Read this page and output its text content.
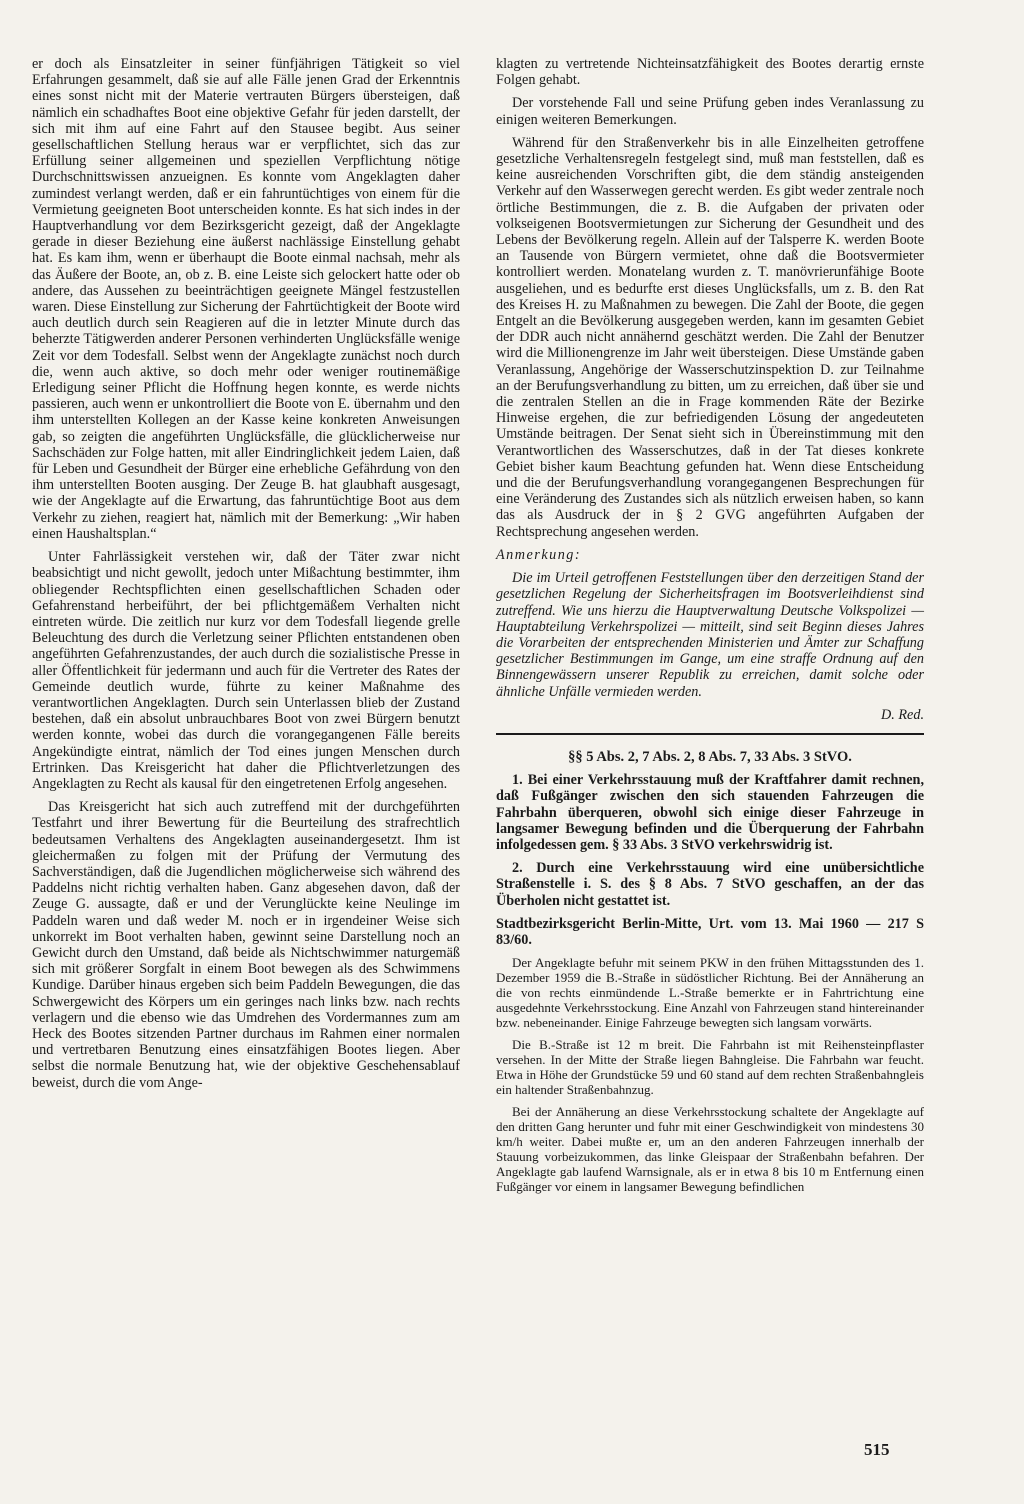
er doch als Einsatzleiter in seiner fünfjährigen Tätigkeit so viel Erfahrungen gesammelt, daß sie auf alle Fälle jenen Grad der Erkenntnis eines sonst nicht mit der Materie vertrauten Bürgers übersteigen, daß nämlich ein schadhaftes Boot eine objektive Gefahr für jeden darstellt, der sich mit ihm auf eine Fahrt auf den Stausee begibt. Aus seiner gesellschaftlichen Stellung heraus war er verpflichtet, sich das zur Erfüllung seiner allgemeinen und speziellen Verpflichtung nötige Durchschnittswissen anzueignen. Es konnte vom Angeklagten daher zumindest verlangt werden, daß er ein fahruntüchtiges von einem für die Vermietung geeigneten Boot unterscheiden konnte. Es hat sich indes in der Hauptverhandlung vor dem Bezirksgericht gezeigt, daß der Angeklagte gerade in dieser Beziehung eine äußerst nachlässige Einstellung gehabt hat. Es kam ihm, wenn er überhaupt die Boote einmal nachsah, mehr als das Äußere der Boote, an, ob z. B. eine Leiste sich gelockert hatte oder ob andere, das Aussehen zu beeinträchtigen geeignete Mängel festzustellen waren. Diese Einstellung zur Sicherung der Fahrtüchtigkeit der Boote wird auch deutlich durch sein Reagieren auf die in letzter Minute durch das beherzte Tätigwerden anderer Personen verhinderten Unglücksfälle wenige Zeit vor dem Todesfall. Selbst wenn der Angeklagte zunächst noch durch die, wenn auch aktive, so doch mehr oder weniger routinemäßige Erledigung seiner Pflicht die Hoffnung hegen konnte, es werde nichts passieren, auch wenn er unkontrolliert die Boote von E. übernahm und den ihm unterstellten Kollegen an der Kasse keine konkreten Anweisungen gab, so zeigten die angeführten Unglücksfälle, die glücklicherweise nur Sachschäden zur Folge hatten, mit aller Eindringlichkeit jedem Laien, daß für Leben und Gesundheit der Bürger eine erhebliche Gefährdung von den ihm unterstellten Booten ausging. Der Zeuge B. hat glaubhaft ausgesagt, wie der Angeklagte auf die Erwartung, das fahruntüchtige Boot aus dem Verkehr zu ziehen, reagiert hat, nämlich mit der Bemerkung: „Wir haben einen Haushaltsplan.“

Unter Fahrlässigkeit verstehen wir, daß der Täter zwar nicht beabsichtigt und nicht gewollt, jedoch unter Mißachtung bestimmter, ihm obliegender Rechtspflichten einen gesellschaftlichen Schaden oder Gefahrenstand herbeiführt, der bei pflichtgemäßem Verhalten nicht eintreten würde. Die zeitlich nur kurz vor dem Todesfall liegende grelle Beleuchtung des durch die Verletzung seiner Pflichten entstandenen oben angeführten Gefahrenzustandes, der auch durch die sozialistische Presse in aller Öffentlichkeit für jedermann und auch für die Vertreter des Rates der Gemeinde deutlich wurde, führte zu keiner Maßnahme des verantwortlichen Angeklagten. Durch sein Unterlassen blieb der Zustand bestehen, daß ein absolut unbrauchbares Boot von zwei Bürgern benutzt werden konnte, wobei das durch die vorangegangenen Fälle bereits Angekündigte eintrat, nämlich der Tod eines jungen Menschen durch Ertrinken. Das Kreisgericht hat daher die Pflichtverletzungen des Angeklagten zu Recht als kausal für den eingetretenen Erfolg angesehen.

Das Kreisgericht hat sich auch zutreffend mit der durchgeführten Testfahrt und ihrer Bewertung für die Beurteilung des strafrechtlich bedeutsamen Verhaltens des Angeklagten auseinandergesetzt. Ihm ist gleichermaßen zu folgen mit der Prüfung der Vermutung des Sachverständigen, daß die Jugendlichen möglicherweise sich während des Paddelns nicht richtig verhalten haben. Ganz abgesehen davon, daß der Zeuge G. aussagte, daß er und der Verunglückte keine Neulinge im Paddeln waren und daß weder M. noch er in irgendeiner Weise sich unkorrekt im Boot verhalten haben, gewinnt seine Darstellung noch an Gewicht durch den Umstand, daß beide als Nichtschwimmer naturgemäß sich mit größerer Sorgfalt in einem Boot bewegen als des Schwimmens Kundige. Darüber hinaus ergeben sich beim Paddeln Bewegungen, die das Schwergewicht des Körpers um ein geringes nach links bzw. nach rechts verlagern und die ebenso wie das Umdrehen des Vordermannes zum am Heck des Bootes sitzenden Partner durchaus im Rahmen einer normalen und vertretbaren Benutzung eines einsatzfähigen Bootes liegen. Aber selbst die normale Benutzung hat, wie der objektive Geschehensablauf beweist, durch die vom Ange-

klagten zu vertretende Nichteinsatzfähigkeit des Bootes derartig ernste Folgen gehabt.

Der vorstehende Fall und seine Prüfung geben indes Veranlassung zu einigen weiteren Bemerkungen.

Während für den Straßenverkehr bis in alle Einzelheiten getroffene gesetzliche Verhaltensregeln festgelegt sind, muß man feststellen, daß es keine ausreichenden Vorschriften gibt, die dem ständig ansteigenden Verkehr auf den Wasserwegen gerecht werden. Es gibt weder zentrale noch örtliche Bestimmungen, die z. B. die Aufgaben der privaten oder volkseigenen Bootsvermietungen zur Sicherung der Gesundheit und des Lebens der Bevölkerung regeln. Allein auf der Talsperre K. werden Boote an Tausende von Bürgern vermietet, ohne daß die Bootsvermieter kontrolliert werden. Monatelang wurden z. T. manövrierunfähige Boote ausgeliehen, und es bedurfte erst dieses Unglücksfalls, um z. B. den Rat des Kreises H. zu Maßnahmen zu bewegen. Die Zahl der Boote, die gegen Entgelt an die Bevölkerung ausgegeben werden, kann im gesamten Gebiet der DDR auch nicht annähernd geschätzt werden. Die Zahl der Benutzer wird die Millionengrenze im Jahr weit übersteigen. Diese Umstände gaben Veranlassung, Angehörige der Wasserschutzinspektion D. zur Teilnahme an der Berufungsverhandlung zu bitten, um zu erreichen, daß über sie und die zentralen Stellen an die in Frage kommenden Räte der Bezirke Hinweise ergehen, die zur befriedigenden Lösung der angedeuteten Umstände beitragen. Der Senat sieht sich in Übereinstimmung mit den Verantwortlichen des Wasserschutzes, daß in der Tat dieses konkrete Gebiet bisher kaum Beachtung gefunden hat. Wenn diese Entscheidung und die der Berufungsverhandlung vorangegangenen Besprechungen für eine Veränderung des Zustandes sich als nützlich erweisen haben, so kann das als Ausdruck der in § 2 GVG angeführten Aufgaben der Rechtsprechung angesehen werden.

Anmerkung:

Die im Urteil getroffenen Feststellungen über den derzeitigen Stand der gesetzlichen Regelung der Sicherheitsfragen im Bootsverleihdienst sind zutreffend. Wie uns hierzu die Hauptverwaltung Deutsche Volkspolizei — Hauptabteilung Verkehrspolizei — mitteilt, sind seit Beginn dieses Jahres die Vorarbeiten der entsprechenden Ministerien und Ämter zur Schaffung gesetzlicher Bestimmungen im Gange, um eine straffe Ordnung auf den Binnengewässern unserer Republik zu erreichen, damit solche oder ähnliche Unfälle vermieden werden.

D. Red.

§§ 5 Abs. 2, 7 Abs. 2, 8 Abs. 7, 33 Abs. 3 StVO.

1. Bei einer Verkehrsstauung muß der Kraftfahrer damit rechnen, daß Fußgänger zwischen den sich stauenden Fahrzeugen die Fahrbahn überqueren, obwohl sich einige dieser Fahrzeuge in langsamer Bewegung befinden und die Überquerung der Fahrbahn infolgedessen gem. § 33 Abs. 3 StVO verkehrswidrig ist.

2. Durch eine Verkehrsstauung wird eine unübersichtliche Straßenstelle i. S. des § 8 Abs. 7 StVO geschaffen, an der das Überholen nicht gestattet ist.

Stadtbezirksgericht Berlin-Mitte, Urt. vom 13. Mai 1960 — 217 S 83/60.

Der Angeklagte befuhr mit seinem PKW in den frühen Mittagsstunden des 1. Dezember 1959 die B.-Straße in südöstlicher Richtung. Bei der Annäherung an die von rechts einmündende L.-Straße bemerkte er in Fahrtrichtung eine ausgedehnte Verkehrsstockung. Eine Anzahl von Fahrzeugen stand hintereinander bzw. nebeneinander. Einige Fahrzeuge bewegten sich langsam vorwärts.

Die B.-Straße ist 12 m breit. Die Fahrbahn ist mit Reihensteinpflaster versehen. In der Mitte der Straße liegen Bahngleise. Die Fahrbahn war feucht. Etwa in Höhe der Grundstücke 59 und 60 stand auf dem rechten Straßenbahngleis ein haltender Straßenbahnzug.

Bei der Annäherung an diese Verkehrsstockung schaltete der Angeklagte auf den dritten Gang herunter und fuhr mit einer Geschwindigkeit von mindestens 30 km/h weiter. Dabei mußte er, um an den anderen Fahrzeugen innerhalb der Stauung vorbeizukommen, das linke Gleispaar der Straßenbahn befahren. Der Angeklagte gab laufend Warnsignale, als er in etwa 8 bis 10 m Entfernung einen Fußgänger vor einem in langsamer Bewegung befindlichen

515
